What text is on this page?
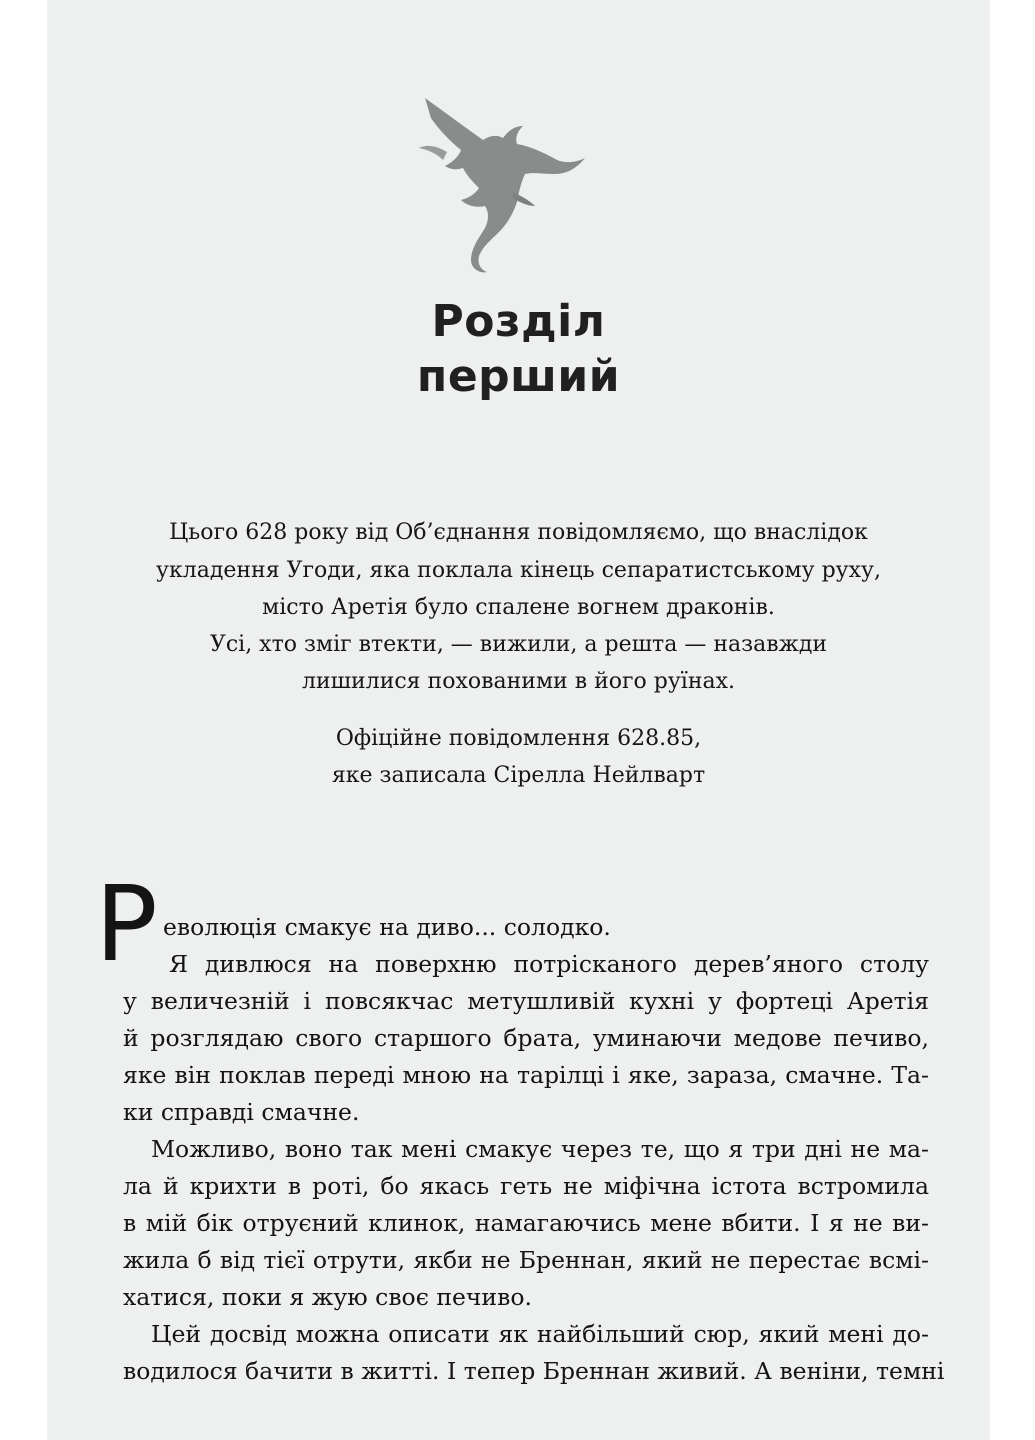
Розділ
перший
Цього 628 року від Об’єднання повідомляємо, що внаслідок
укладення Угоди, яка поклала кінець сепаратистському руху,
місто Аретія було спалене вогнем драконів.
Усі, хто зміг втекти, — вижили, а решта — назавжди
лишилися похованими в його руїнах.
Офіційне повідомлення 628.85,
яке записала Сірелла Нейлварт
Р еволюція смакує на диво... солодко.
Я дивлюся на поверхню потрісканого дерев’яного столу
у величезній і повсякчас метушливій кухні у фортеці Аретія
й розглядаю свого старшого брата, уминаючи медове печиво,
яке він поклав переді мною на тарілці і яке, зараза, смачне. Та-
ки справді смачне.
Можливо, воно так мені смакує через те, що я три дні не ма-
ла й крихти в роті, бо якась геть не міфічна істота встромила
в мій бік отруєний клинок, намагаючись мене вбити. І я не ви-
жила б від тієї отрути, якби не Бреннан, який не перестає всмі-
хатися, поки я жую своє печиво.
Цей досвід можна описати як найбільший сюр, який мені до-
водилося бачити в житті. І тепер Бреннан живий. А веніни, темні
